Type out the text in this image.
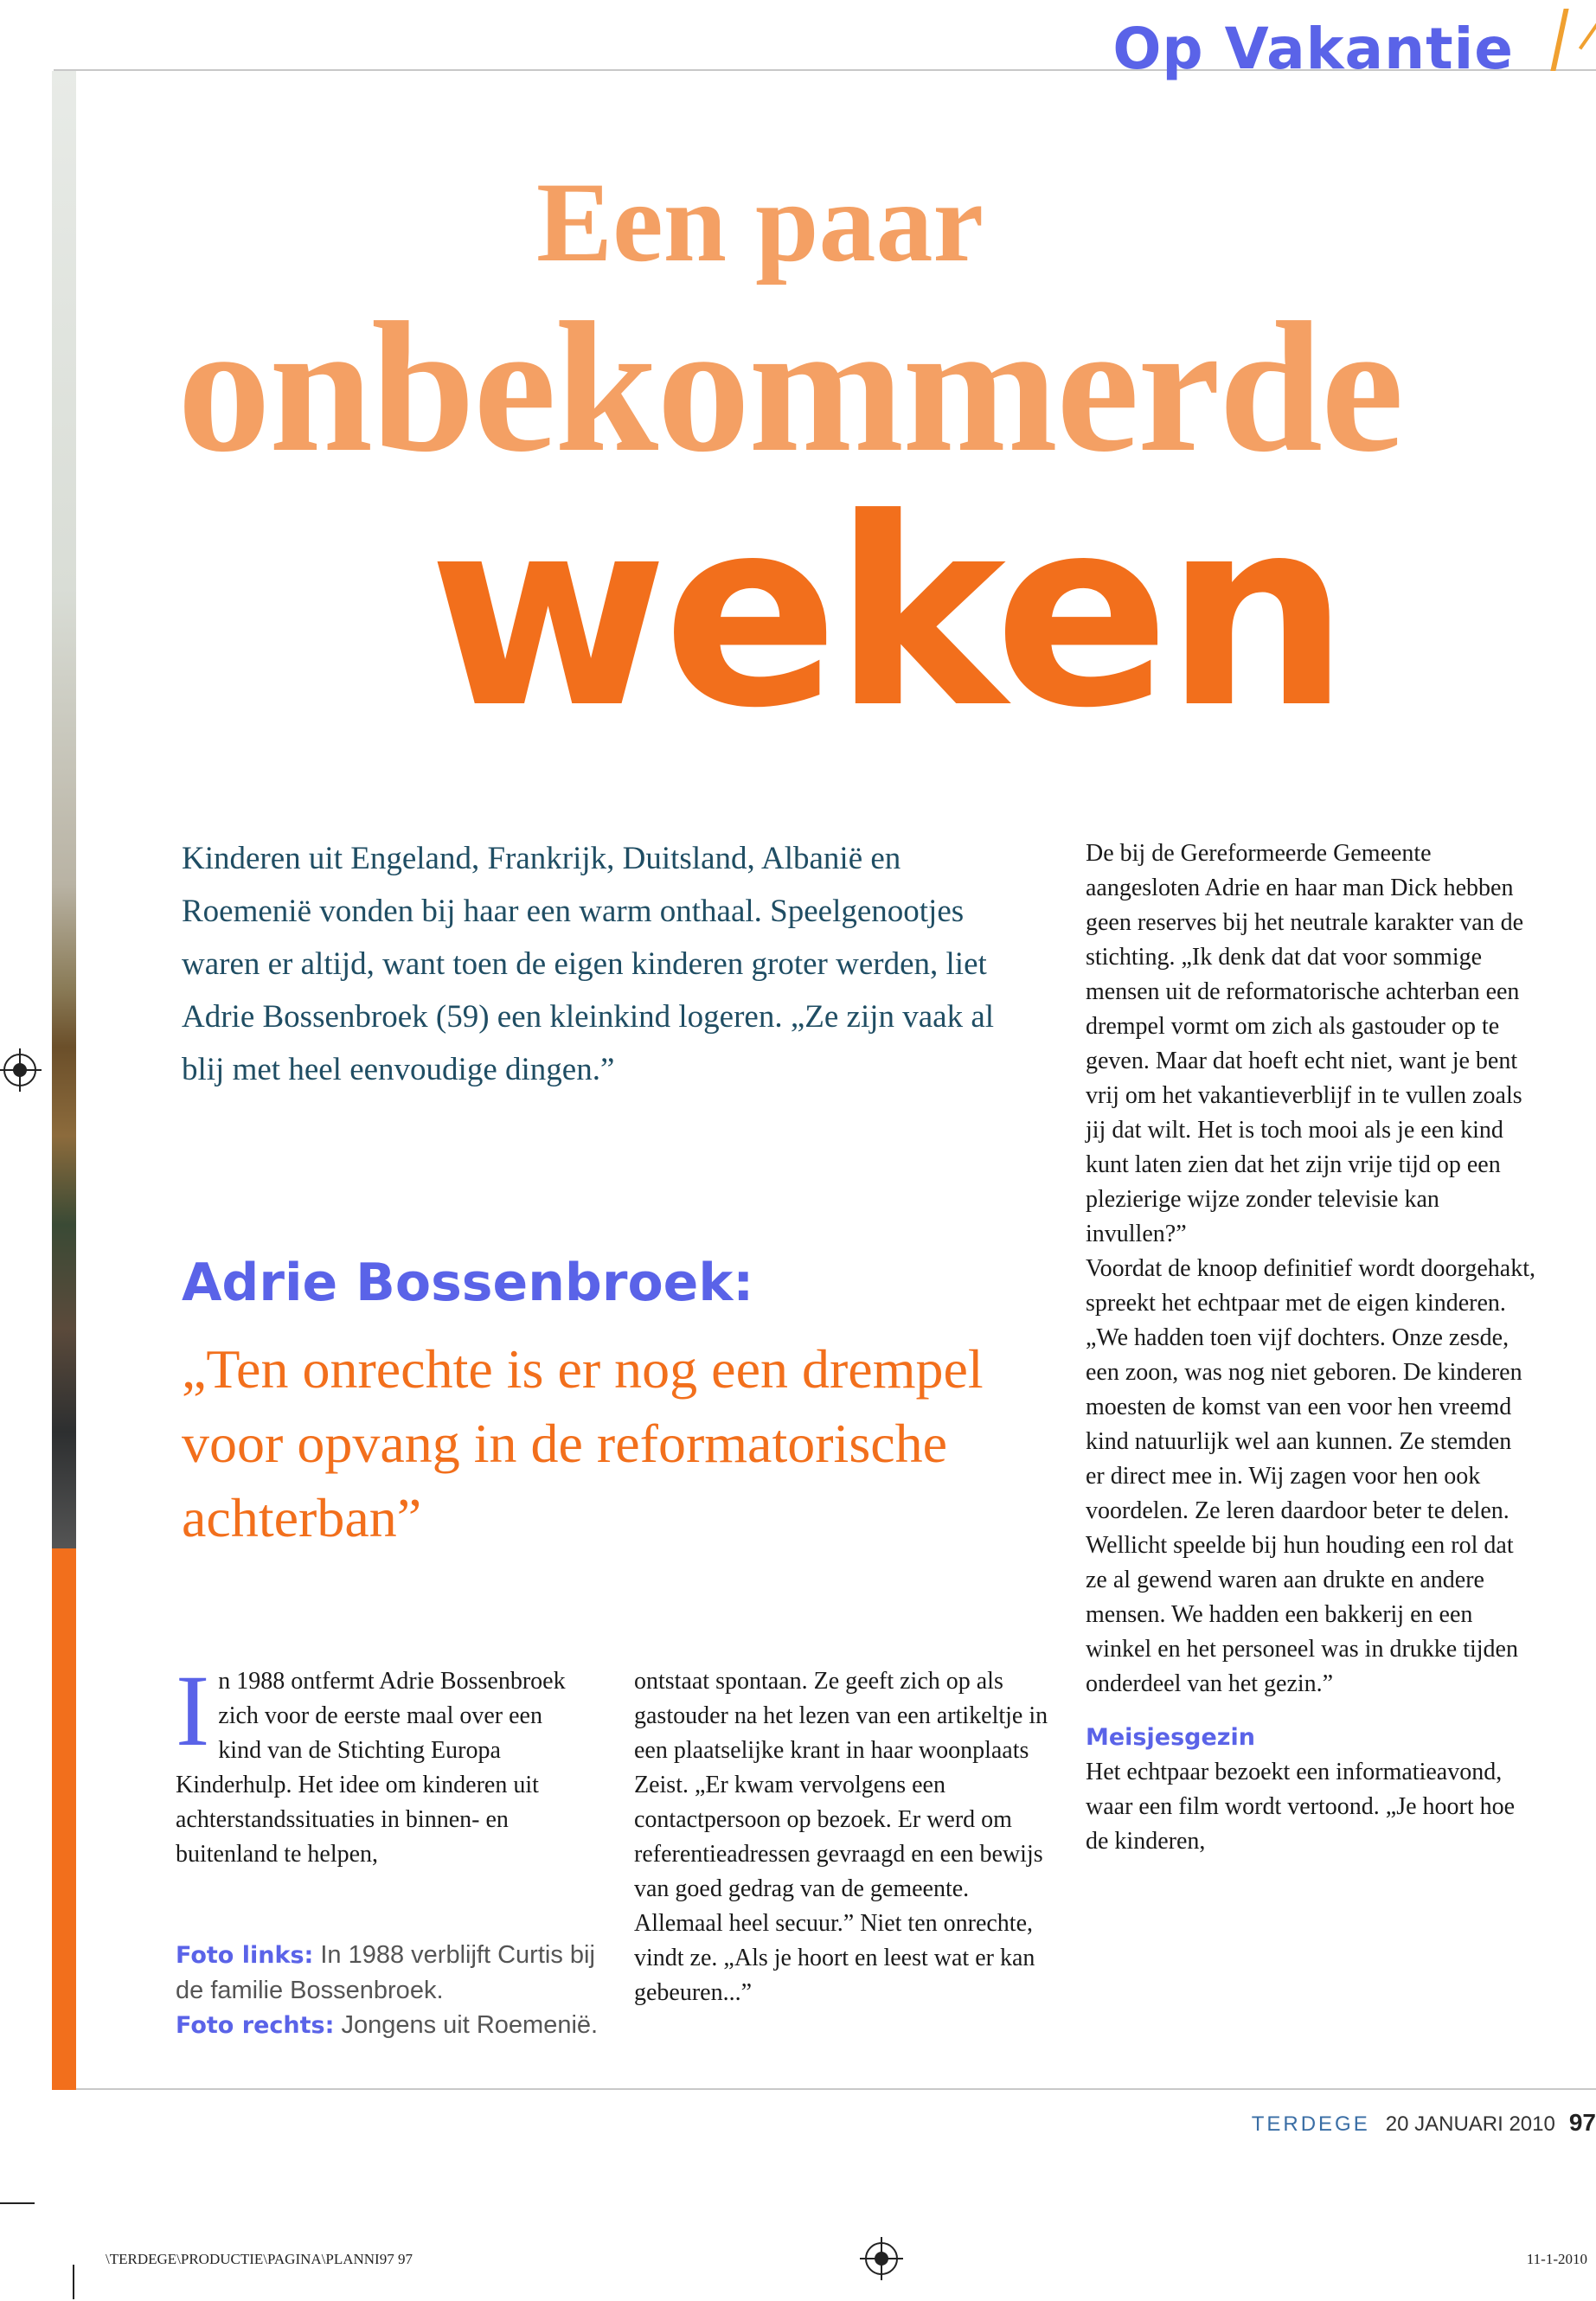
Op Vakantie
Een paar
onbekommerde
weken
Kinderen uit Engeland, Frankrijk, Duitsland, Albanië en Roemenië vonden bij haar een warm onthaal. Speelgenootjes waren er altijd, want toen de eigen kinderen groter werden, liet Adrie Bossenbroek (59) een kleinkind logeren. „Ze zijn vaak al blij met heel eenvoudige dingen.”
Adrie Bossenbroek:
„Ten onrechte is er nog een drempel voor opvang in de reformatorische achterban”
I n 1988 ontfermt Adrie Bossenbroek zich voor de eerste maal over een kind van de Stichting Europa Kinderhulp. Het idee om kinderen uit achterstandssituaties in binnen- en buitenland te helpen,

Foto links: In 1988 verblijft Curtis bij de familie Bossenbroek.
Foto rechts: Jongens uit Roemenië.

ontstaat spontaan. Ze geeft zich op als gastouder na het lezen van een artikeltje in een plaatselijke krant in haar woonplaats Zeist. „Er kwam vervolgens een contactpersoon op bezoek. Er werd om referentieadressen gevraagd en een bewijs van goed gedrag van de gemeente. Allemaal heel secuur.” Niet ten onrechte, vindt ze. „Als je hoort en leest wat er kan gebeuren...”

De bij de Gereformeerde Gemeente aangesloten Adrie en haar man Dick hebben geen reserves bij het neutrale karakter van de stichting. „Ik denk dat dat voor sommige mensen uit de reformatorische achterban een drempel vormt om zich als gastouder op te geven. Maar dat hoeft echt niet, want je bent vrij om het vakantieverblijf in te vullen zoals jij dat wilt. Het is toch mooi als je een kind kunt laten zien dat het zijn vrije tijd op een plezierige wijze zonder televisie kan invullen?”

Voordat de knoop definitief wordt doorgehakt, spreekt het echtpaar met de eigen kinderen. „We hadden toen vijf dochters. Onze zesde, een zoon, was nog niet geboren. De kinderen moesten de komst van een voor hen vreemd kind natuurlijk wel aan kunnen. Ze stemden er direct mee in. Wij zagen voor hen ook voordelen. Ze leren daardoor beter te delen. Wellicht speelde bij hun houding een rol dat ze al gewend waren aan drukte en andere mensen. We hadden een bakkerij en een winkel en het personeel was in drukke tijden onderdeel van het gezin.”

Meisjesgezin

Het echtpaar bezoekt een informatieavond, waar een film wordt vertoond. „Je hoort hoe de kinderen,

TERDEGE 20 JANUARI 2010 97
\TERDEGE\PRODUCTIE\PAGINA\PLANNI97 97	11-1-2010
